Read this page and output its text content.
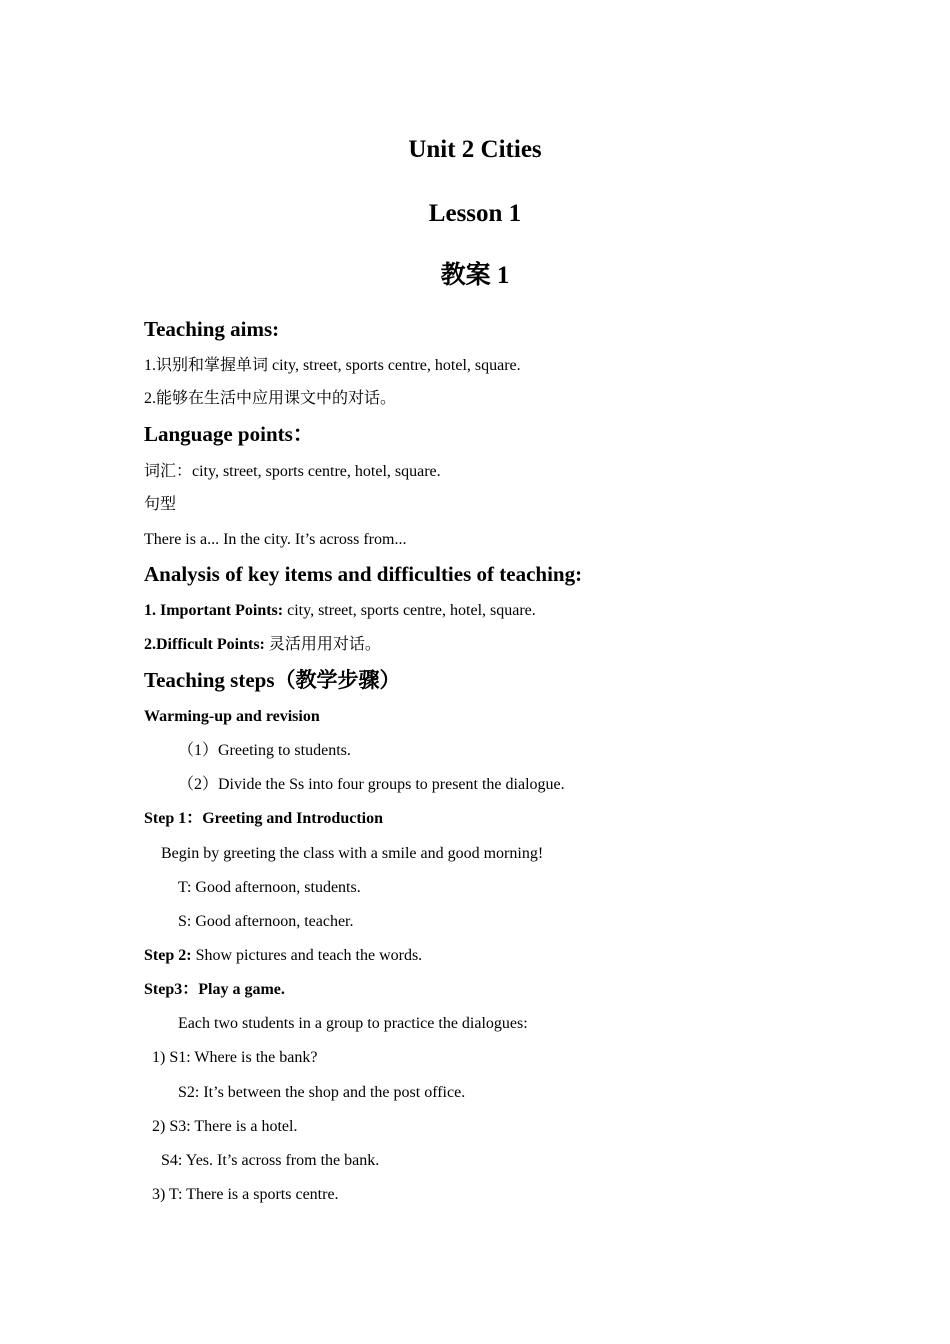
Unit 2 Cities
Lesson 1
教案 1
Teaching aims:
1.识别和掌握单词 city, street, sports centre, hotel, square.
2.能够在生活中应用课文中的对话。
Language points：
词汇：city, street, sports centre, hotel, square.
句型
There is a... In the city. It’s across from...
Analysis of key items and difficulties of teaching:
1. Important Points: city, street, sports centre, hotel, square.
2.Difficult Points: 灵活用用对话。
Teaching steps（教学步骤）
Warming-up and revision
（1）Greeting to students.
（2）Divide the Ss into four groups to present the dialogue.
Step 1：Greeting and Introduction
Begin by greeting the class with a smile and good morning!
T: Good afternoon, students.
S: Good afternoon, teacher.
Step 2: Show pictures and teach the words.
Step3：Play a game.
Each two students in a group to practice the dialogues:
1) S1: Where is the bank?
S2: It’s between the shop and the post office.
2) S3: There is a hotel.
S4: Yes. It’s across from the bank.
3) T: There is a sports centre.
